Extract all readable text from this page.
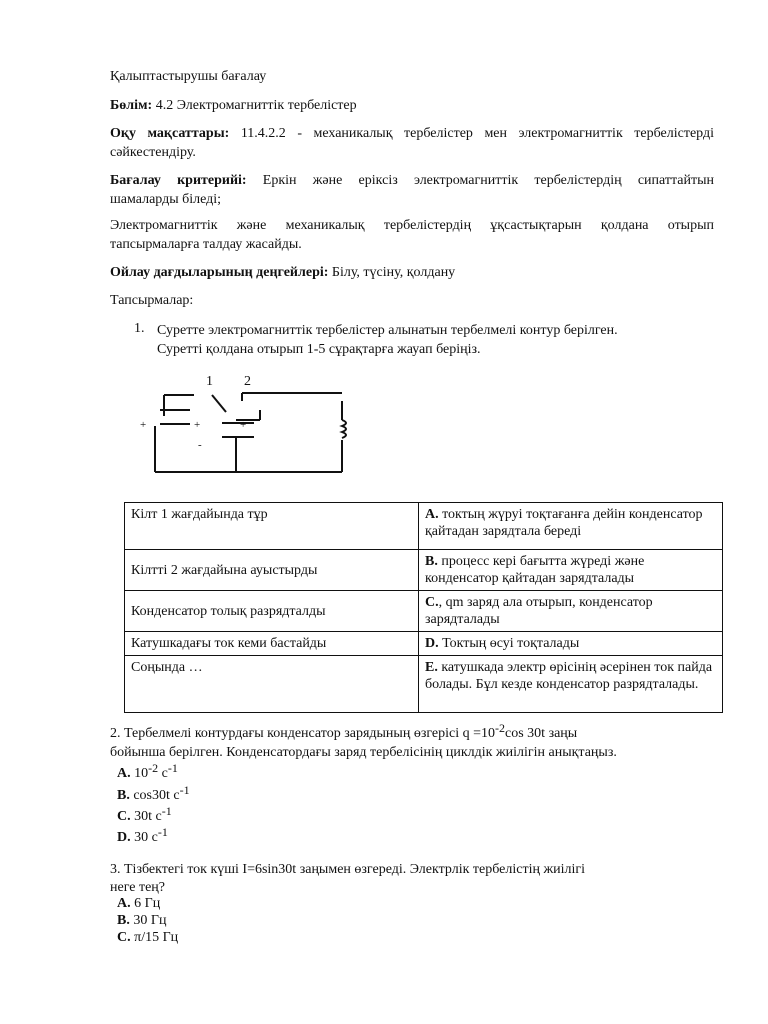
Қалыптастырушы бағалау
Бөлім: 4.2 Электромагниттік тербелістер
Оқу мақсаттары: 11.4.2.2 - механикалық тербелістер мен электромагниттік тербелістерді
сәйкестендіру.
Бағалау критерийі: Еркін және еріксіз электромагниттік тербелістердің сипаттайтын
шамаларды біледі;
Электромагниттік және механикалық тербелістердің ұқсастықтарын қолдана отырып
тапсырмаларға талдау жасайды.
Ойлау дағдыларының деңгейлері: Білу, түсіну, қолдану
Тапсырмалар:
1. Суретте электромагниттік тербелістер алынатын тербелмелі контур берілген.
Суретті қолдана отырып 1-5 сұрақтарға жауап беріңіз.
1 2
+	+	+
-
Кілт 1 жағдайында тұр	A. токтың жүруі тоқтағанға дейін конденсатор қайтадан зарядтала береді
Кілтті 2 жағдайына ауыстырды	B. процесс кері бағытта жүреді және конденсатор қайтадан зарядталады
Конденсатор толық разрядталды	C., qm заряд ала отырып, конденсатор зарядталады
Катушкадағы ток кеми бастайды	D. Токтың өсуі тоқталады
Соңында …	E. катушкада электр өрісінің әсерінен ток пайда болады. Бұл кезде конденсатор разрядталады.
2. Тербелмелі контурдағы конденсатор зарядының өзгерісі $q =10^{-2}\cos$ 30t заңы
бойынша берілген. Конденсатордағы заряд тербелісінің циклдік жиілігін анықтаңыз.
A. $10^{-2}$ $с^{-1}$
B. cos30t $с^{-1}$
C. 30t $с^{-1}$
D. 30 $с^{-1}$
3. Тізбектегі ток күші I=6sin30t заңымен өзгереді. Электрлік тербелістің жиілігі
неге тең?
A. 6 Гц
B. 30 Гц
C. π/15 Гц
